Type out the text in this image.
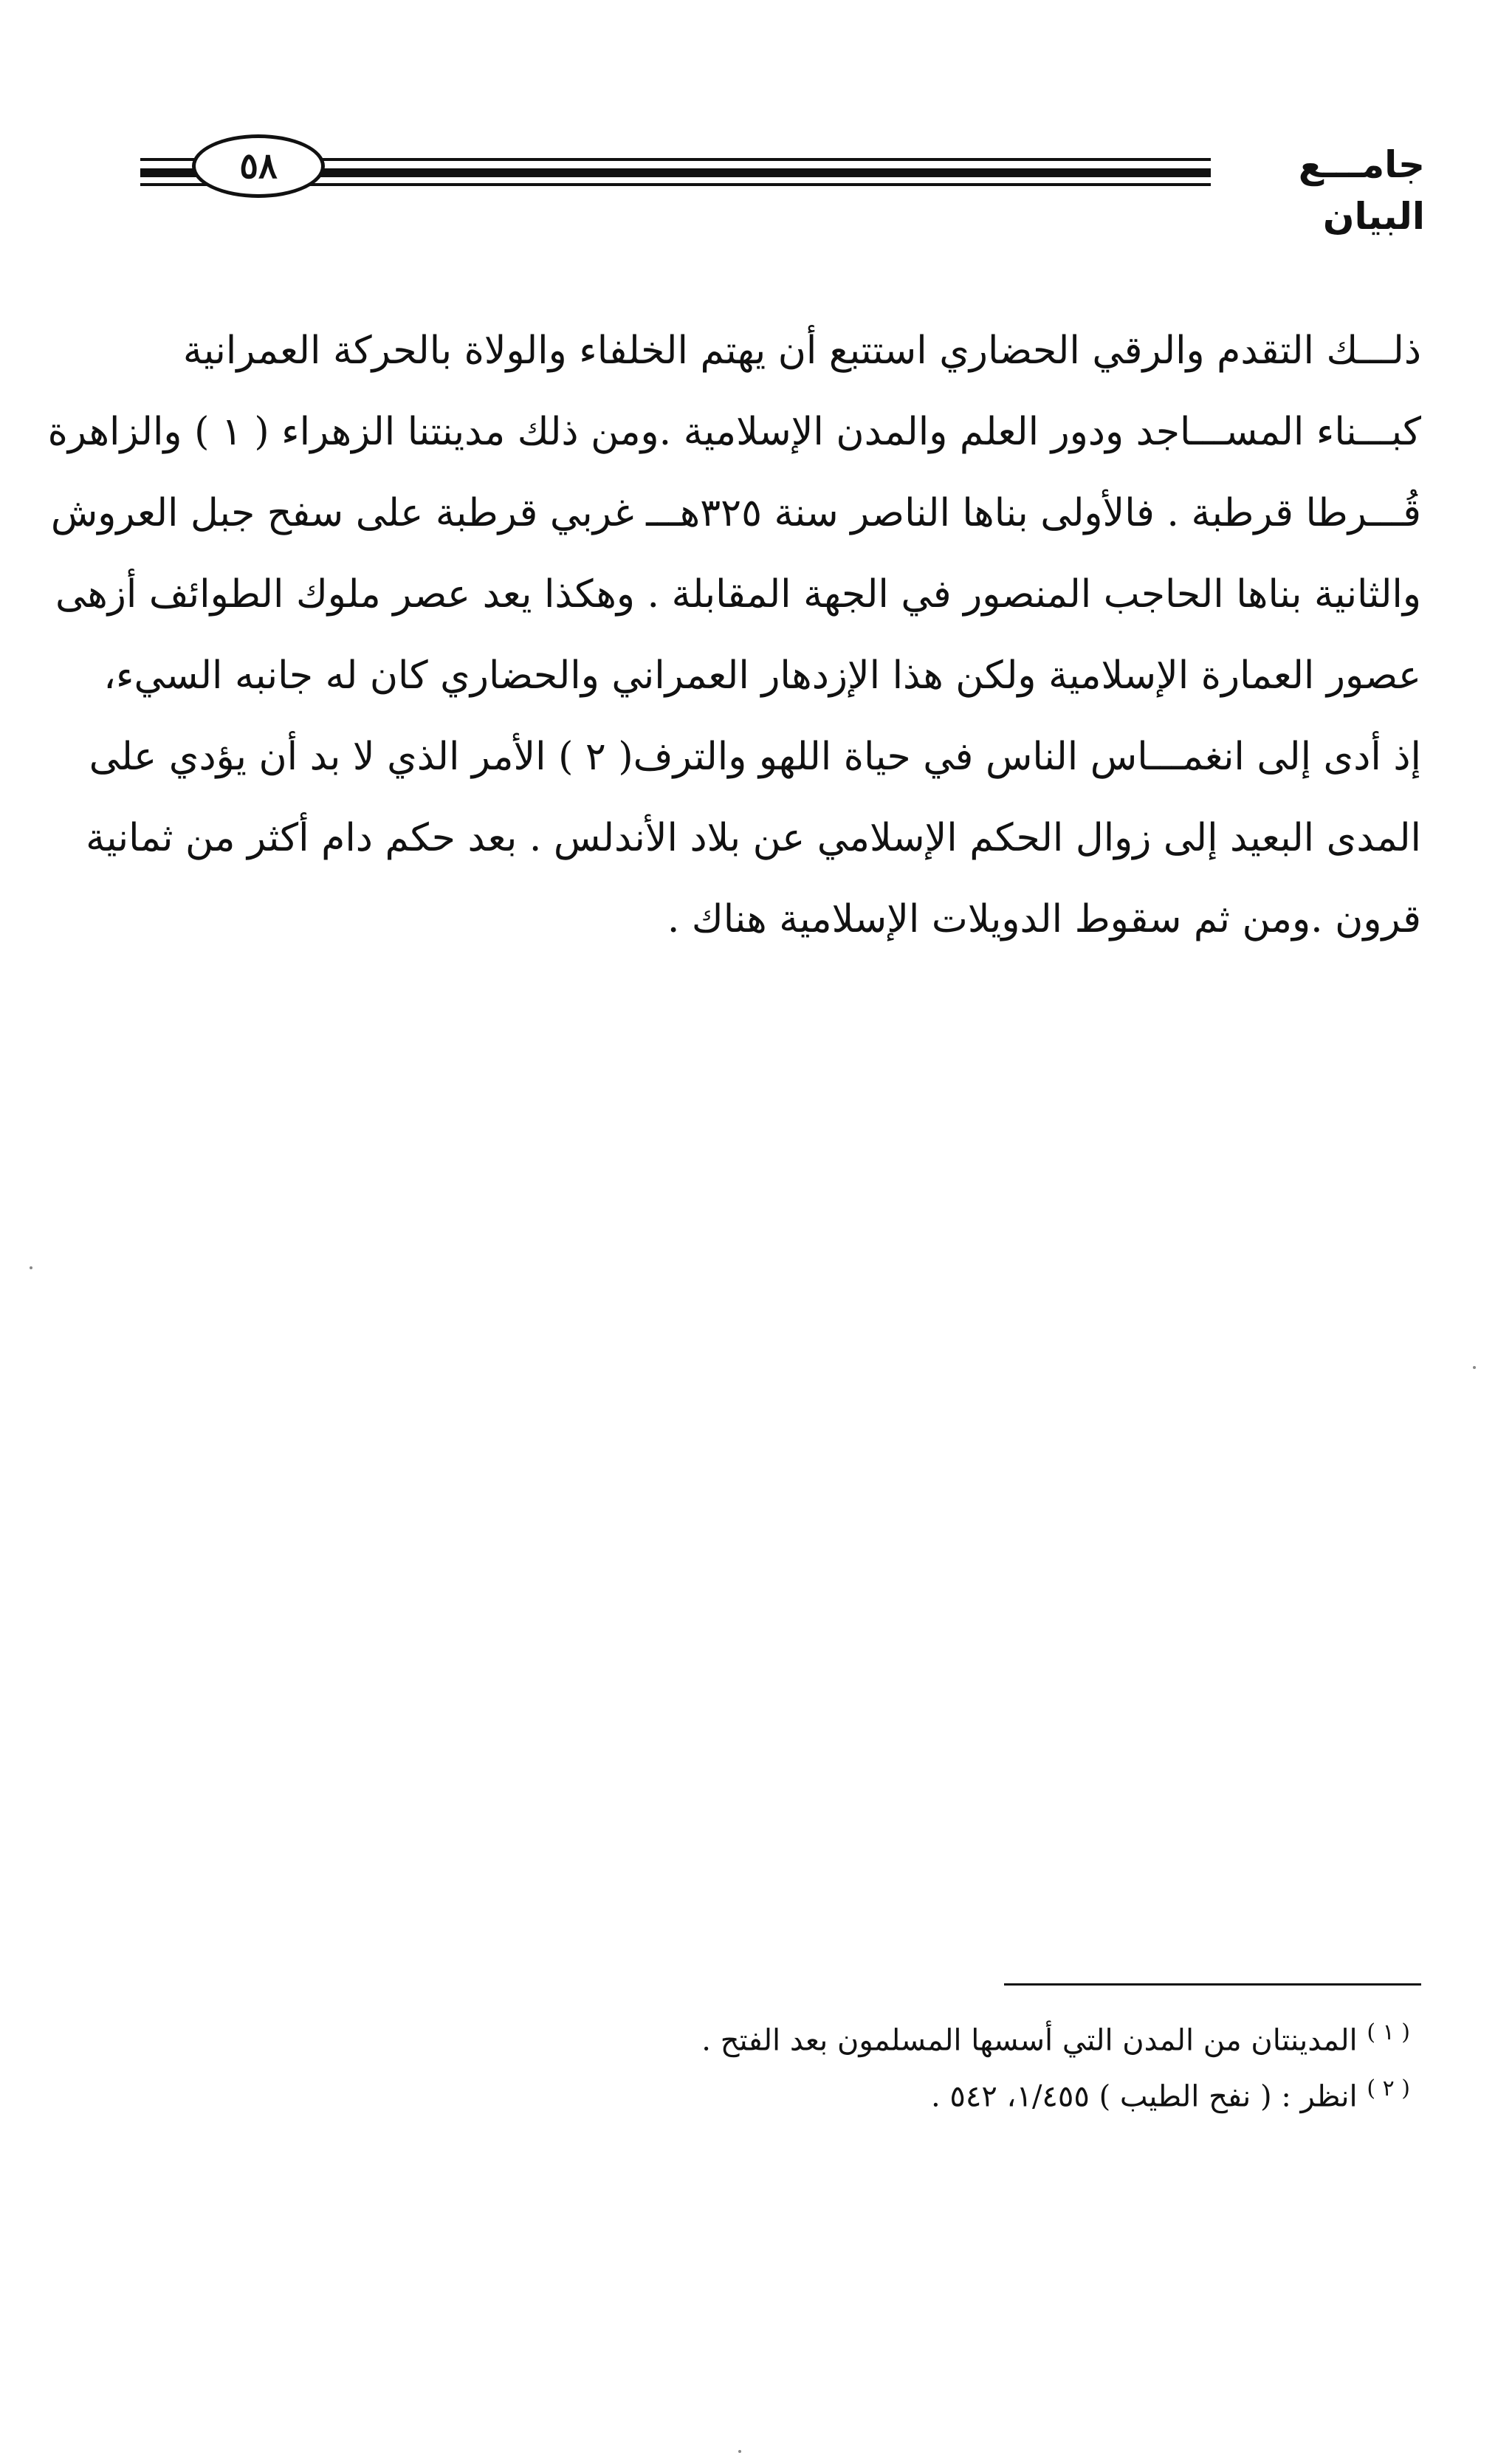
٥٨	جامـــع البيان
ذلـــك التقدم والرقي الحضاري استتبع أن يهتم الخلفاء والولاة بالحركة العمرانية
كبـــناء المســـاجد ودور العلم والمدن الإسلامية .ومن ذلك مدينتنا الزهراء ( ١ ) والزاهرة
قُـــرطا قرطبة . فالأولى بناها الناصر سنة ٣٢٥هـــ غربي قرطبة على سفح جبل العروش
والثانية بناها الحاجب المنصور في الجهة المقابلة . وهكذا يعد عصر ملوك الطوائف أزهى
عصور العمارة الإسلامية ولكن هذا الإزدهار العمراني والحضاري كان له جانبه السيء،
إذ أدى إلى انغمـــاس الناس في حياة اللهو والترف( ٢ ) الأمر الذي لا بد أن يؤدي على
المدى البعيد إلى زوال الحكم الإسلامي عن بلاد الأندلس . بعد حكم دام أكثر من ثمانية
قرون .ومن ثم سقوط الدويلات الإسلامية هناك .
$^{( ١ )}$ المدينتان من المدن التي أسسها المسلمون بعد الفتح .
$^{( ٢ )}$ انظر : ( نفح الطيب ) ١/٤٥٥، ٥٤٢ .
